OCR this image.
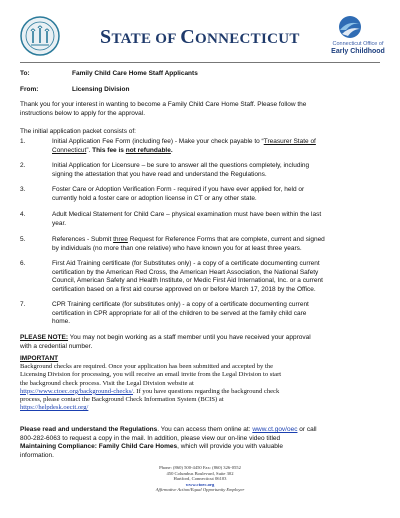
STATE OF CONNECTICUT	Connecticut Office of
Early Childhood
To:	Family Child Care Home Staff Applicants
From:	Licensing Division
Thank you for your interest in wanting to become a Family Child Care Home Staff. Please follow the
instructions below to apply for the approval.
The initial application packet consists of:
1.	Initial Application Fee Form (including fee) - Make your check payable to “Treasurer State of
Connecticut”. This fee is not refundable.
2.	Initial Application for Licensure – be sure to answer all the questions completely, including
signing the attestation that you have read and understand the Regulations.
3.	Foster Care or Adoption Verification Form - required if you have ever applied for, held or
currently hold a foster care or adoption license in CT or any other state.
4.	Adult Medical Statement for Child Care – physical examination must have been within the last
year.
5.	References - Submit three Request for Reference Forms that are complete, current and signed
by individuals (no more than one relative) who have known you for at least three years.
6.	First Aid Training certificate (for Substitutes only) - a copy of a certificate documenting current
certification by the American Red Cross, the American Heart Association, the National Safety
Council, American Safety and Health Institute, or Medic First Aid International, Inc. or a current
certification based on a first aid course approved on or before March 17, 2018 by the Office.
7.	CPR Training certificate (for substitutes only) - a copy of a certificate documenting current
certification in CPR appropriate for all of the children to be served at the family child care
home.
PLEASE NOTE: You may not begin working as a staff member until you have received your approval
with a credential number.
IMPORTANT
Background checks are required. Once your application has been submitted and accepted by the
Licensing Division for processing, you will receive an email invite from the Legal Division to start
the background check process. Visit the Legal Division website at
https://www.ctoec.org/background-checks/. If you have questions regarding the background check
process, please contact the Background Check Information System (BCIS) at
https://helpdesk.oecit.org/
Please read and understand the Regulations. You can access them online at: www.ct.gov/oec or call
800-282-6063 to request a copy in the mail. In addition, please view our on-line video titled
Maintaining Compliance: Family Child Care Homes, which will provide you with valuable
information.
Phone: (860) 500-4450 Fax: (860) 326-0552
450 Columbus Boulevard, Suite 302
Hartford, Connecticut 06103
www.ctoec.org
Affirmative Action/Equal Opportunity Employer
